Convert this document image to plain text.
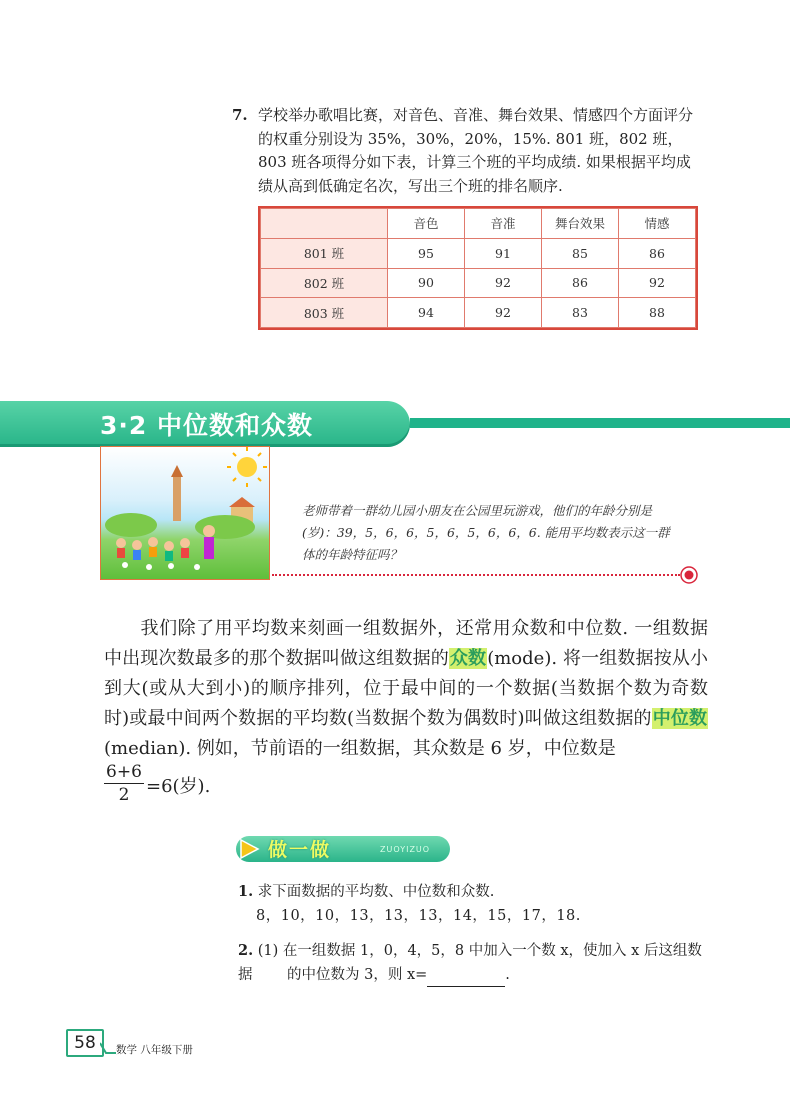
7. 学校举办歌唱比赛，对音色、音准、舞台效果、情感四个方面评分的权重分别设为 35%，30%，20%，15%. 801 班，802 班，803 班各项得分如下表，计算三个班的平均成绩. 如果根据平均成绩从高到低确定名次，写出三个班的排名顺序.
	音色	音准	舞台效果	情感
801 班	95	91	85	86
802 班	90	92	86	92
803 班	94	92	83	88
3·2 中位数和众数
老师带着一群幼儿园小朋友在公园里玩游戏，他们的年龄分别是(岁)：39，5，6，6，5，6，5，6，6，6. 能用平均数表示这一群体的年龄特征吗？
我们除了用平均数来刻画一组数据外，还常用众数和中位数. 一组数据中出现次数最多的那个数据叫做这组数据的众数(mode). 将一组数据按从小到大(或从大到小)的顺序排列，位于最中间的一个数据(当数据个数为奇数时)或最中间两个数据的平均数(当数据个数为偶数时)叫做这组数据的中位数(median). 例如，节前语的一组数据，其众数是 6 岁，中位数是
6+6
2 =6(岁).
做一做	ZUOYIZUO
1. 求下面数据的平均数、中位数和众数.
8，10，10，13，13，13，14，15，17，18.
2. (1) 在一组数据 1，0，4，5，8 中加入一个数 x，使加入 x 后这组数据	的中位数为 3，则 x=	.
58	数学 八年级下册
